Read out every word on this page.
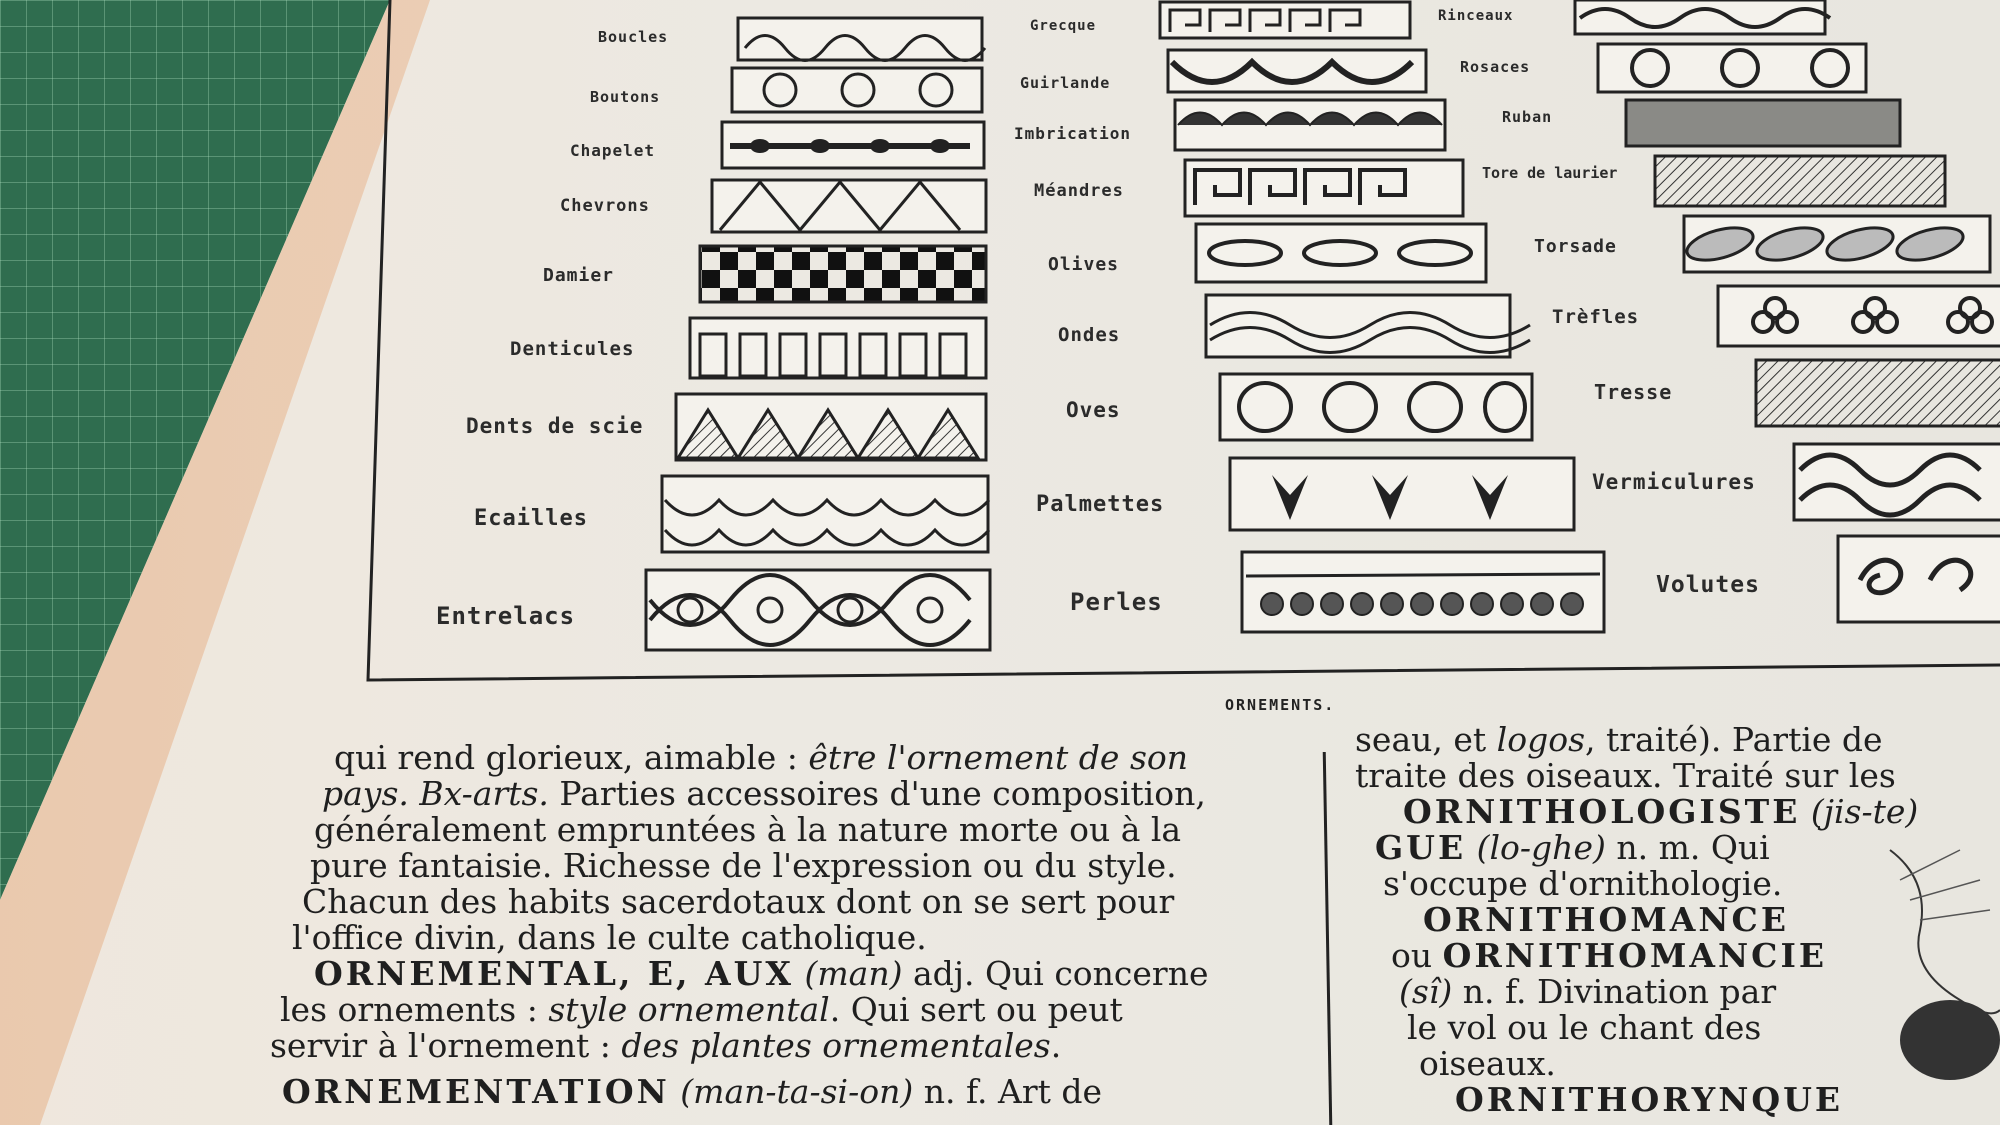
Boucles
Boutons
Chapelet
Chevrons
Damier
Denticules
Dents de scie
Ecailles
Entrelacs
Grecque
Guirlande
Imbrication
Méandres
Olives
Ondes
Oves
Palmettes
Perles
Rinceaux
Rosaces
Ruban
Tore de laurier
Torsade
Trèfles
Tresse
Vermiculures
Volutes
ORNEMENTS.
qui rend glorieux, aimable : être l'ornement de son
pays. Bx-arts. Parties accessoires d'une composition,
généralement empruntées à la nature morte ou à la
pure fantaisie. Richesse de l'expression ou du style.
Chacun des habits sacerdotaux dont on se sert pour
l'office divin, dans le culte catholique.
ORNEMENTAL, E, AUX (man) adj. Qui concerne
les ornements : style ornemental. Qui sert ou peut
servir à l'ornement : des plantes ornementales.
ORNEMENTATION (man-ta-si-on) n. f. Art de
seau, et logos, traité). Partie de
traite des oiseaux. Traité sur les
ORNITHOLOGISTE (jis-te)
GUE (lo-ghe) n. m. Qui
s'occupe d'ornithologie.
ORNITHOMANCE
ou ORNITHOMANCIE
(sî) n. f. Divination par
le vol ou le chant des
oiseaux.
ORNITHORYNQUE
